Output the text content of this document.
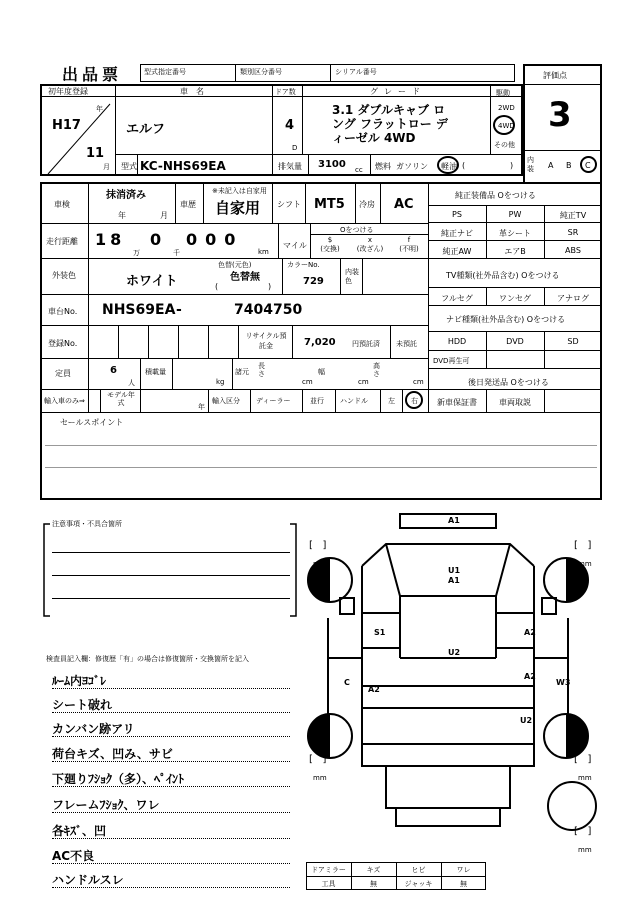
出品票	型式指定番号	類別区分番号	シリアル番号	評価点
3
初年度登録	車名	ドア数	グレード	駆動
H17
年
11
月
エルフ	4
D
3.1 ダブルキャブ ロ
ング フラットロー デ
ィーゼル 4WD
2WD
4WD
その他
型式 KC-NHS69EA	排気量 3100 cc 燃料 ガソリン 軽油 (	)
内装	A B C
車検
抹消済み
年	月
車歴
※未記入は自家用
自家用 シフト MT5 冷房 AC
走行距離 18
万
0
千
000
km
マイル
Oをつける
$
(交換)
x
(改ざん)
f
(不明)
外装色	ホワイト
色替(元色)
色替無
(	)
カラーNo.
729
内装色
車台No. NHS69EA -	7404750
登録No.
リサイクル預託金	7,020 円預託済 未預託
定員	6
人
積載量
kg
諸元
長さ
cm
幅
cm
高さ
cm
輸入車のみ⇒
モデル年式	年
輸入区分 ディーラー	並行 ハンドル	左 右
純正装備品 Oをつける
PS	PW	純正TV
純正ナビ	革シート	SR
純正AW	エアB	ABS
TV種類(社外品含む) Oをつける
フルセグ	ワンセグ	アナログ
ナビ種類(社外品含む) Oをつける
HDD	DVD	SD
DVD再生可
後日発送品 Oをつける
新車保証書	車両取説
セールスポイント
注意事項・不具合箇所
検査員記入欄：修復歴「有」の場合は修復箇所・交換箇所を記入
ﾙｰﾑ内ﾖｺﾞﾚ
シート破れ
カンバン跡アリ
荷台キズ、凹み、サビ
下廻りﾌｼｮｸ（多）、ﾍﾟｲﾝﾄ
フレームﾌｼｮｸ、ワレ
各ｷｽﾞ、凹
AC不良
ハンドルスレ
A1
U1
A1
S1
U2
A2
C
A2
A2
W3
U2
[ ]
mm
[ ]
mm
[ ]
mm
[ ]
mm
[ ]
mm
ドアミラー	キズ	ヒビ	ワレ
工具	無	ジャッキ	無
